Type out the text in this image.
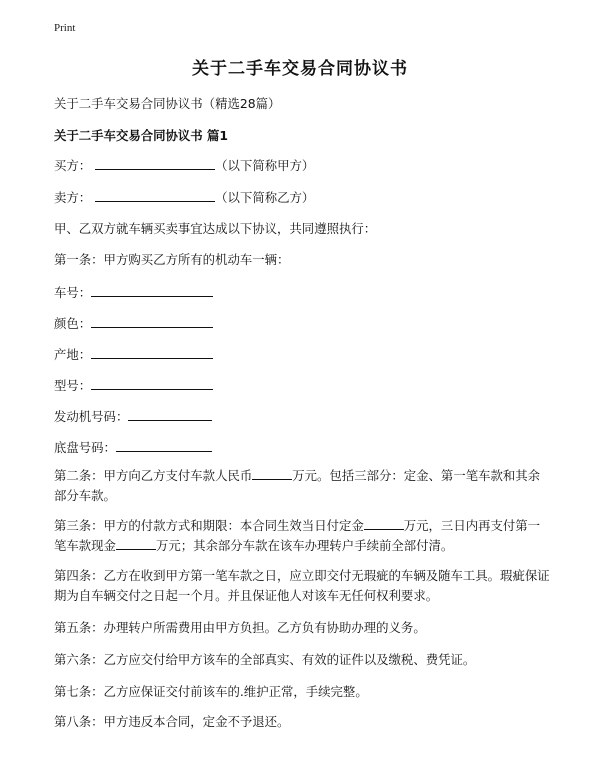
Print
关于二手车交易合同协议书
关于二手车交易合同协议书（精选28篇）
关于二手车交易合同协议书 篇1
买方：	（以下简称甲方）
卖方：	（以下简称乙方）
甲、乙双方就车辆买卖事宜达成以下协议，共同遵照执行：
第一条：甲方购买乙方所有的机动车一辆：
车号：
颜色：
产地：
型号：
发动机号码：
底盘号码：
第二条：甲方向乙方支付车款人民币	万元。包括三部分：定金、第一笔车款和其余部分车款。
第三条：甲方的付款方式和期限：本合同生效当日付定金	万元，三日内再支付第一笔车款现金	万元；其余部分车款在该车办理转户手续前全部付清。
第四条：乙方在收到甲方第一笔车款之日，应立即交付无瑕疵的车辆及随车工具。瑕疵保证期为自车辆交付之日起一个月。并且保证他人对该车无任何权利要求。
第五条：办理转户所需费用由甲方负担。乙方负有协助办理的义务。
第六条：乙方应交付给甲方该车的全部真实、有效的证件以及缴税、费凭证。
第七条：乙方应保证交付前该车的.维护正常，手续完整。
第八条：甲方违反本合同，定金不予退还。
